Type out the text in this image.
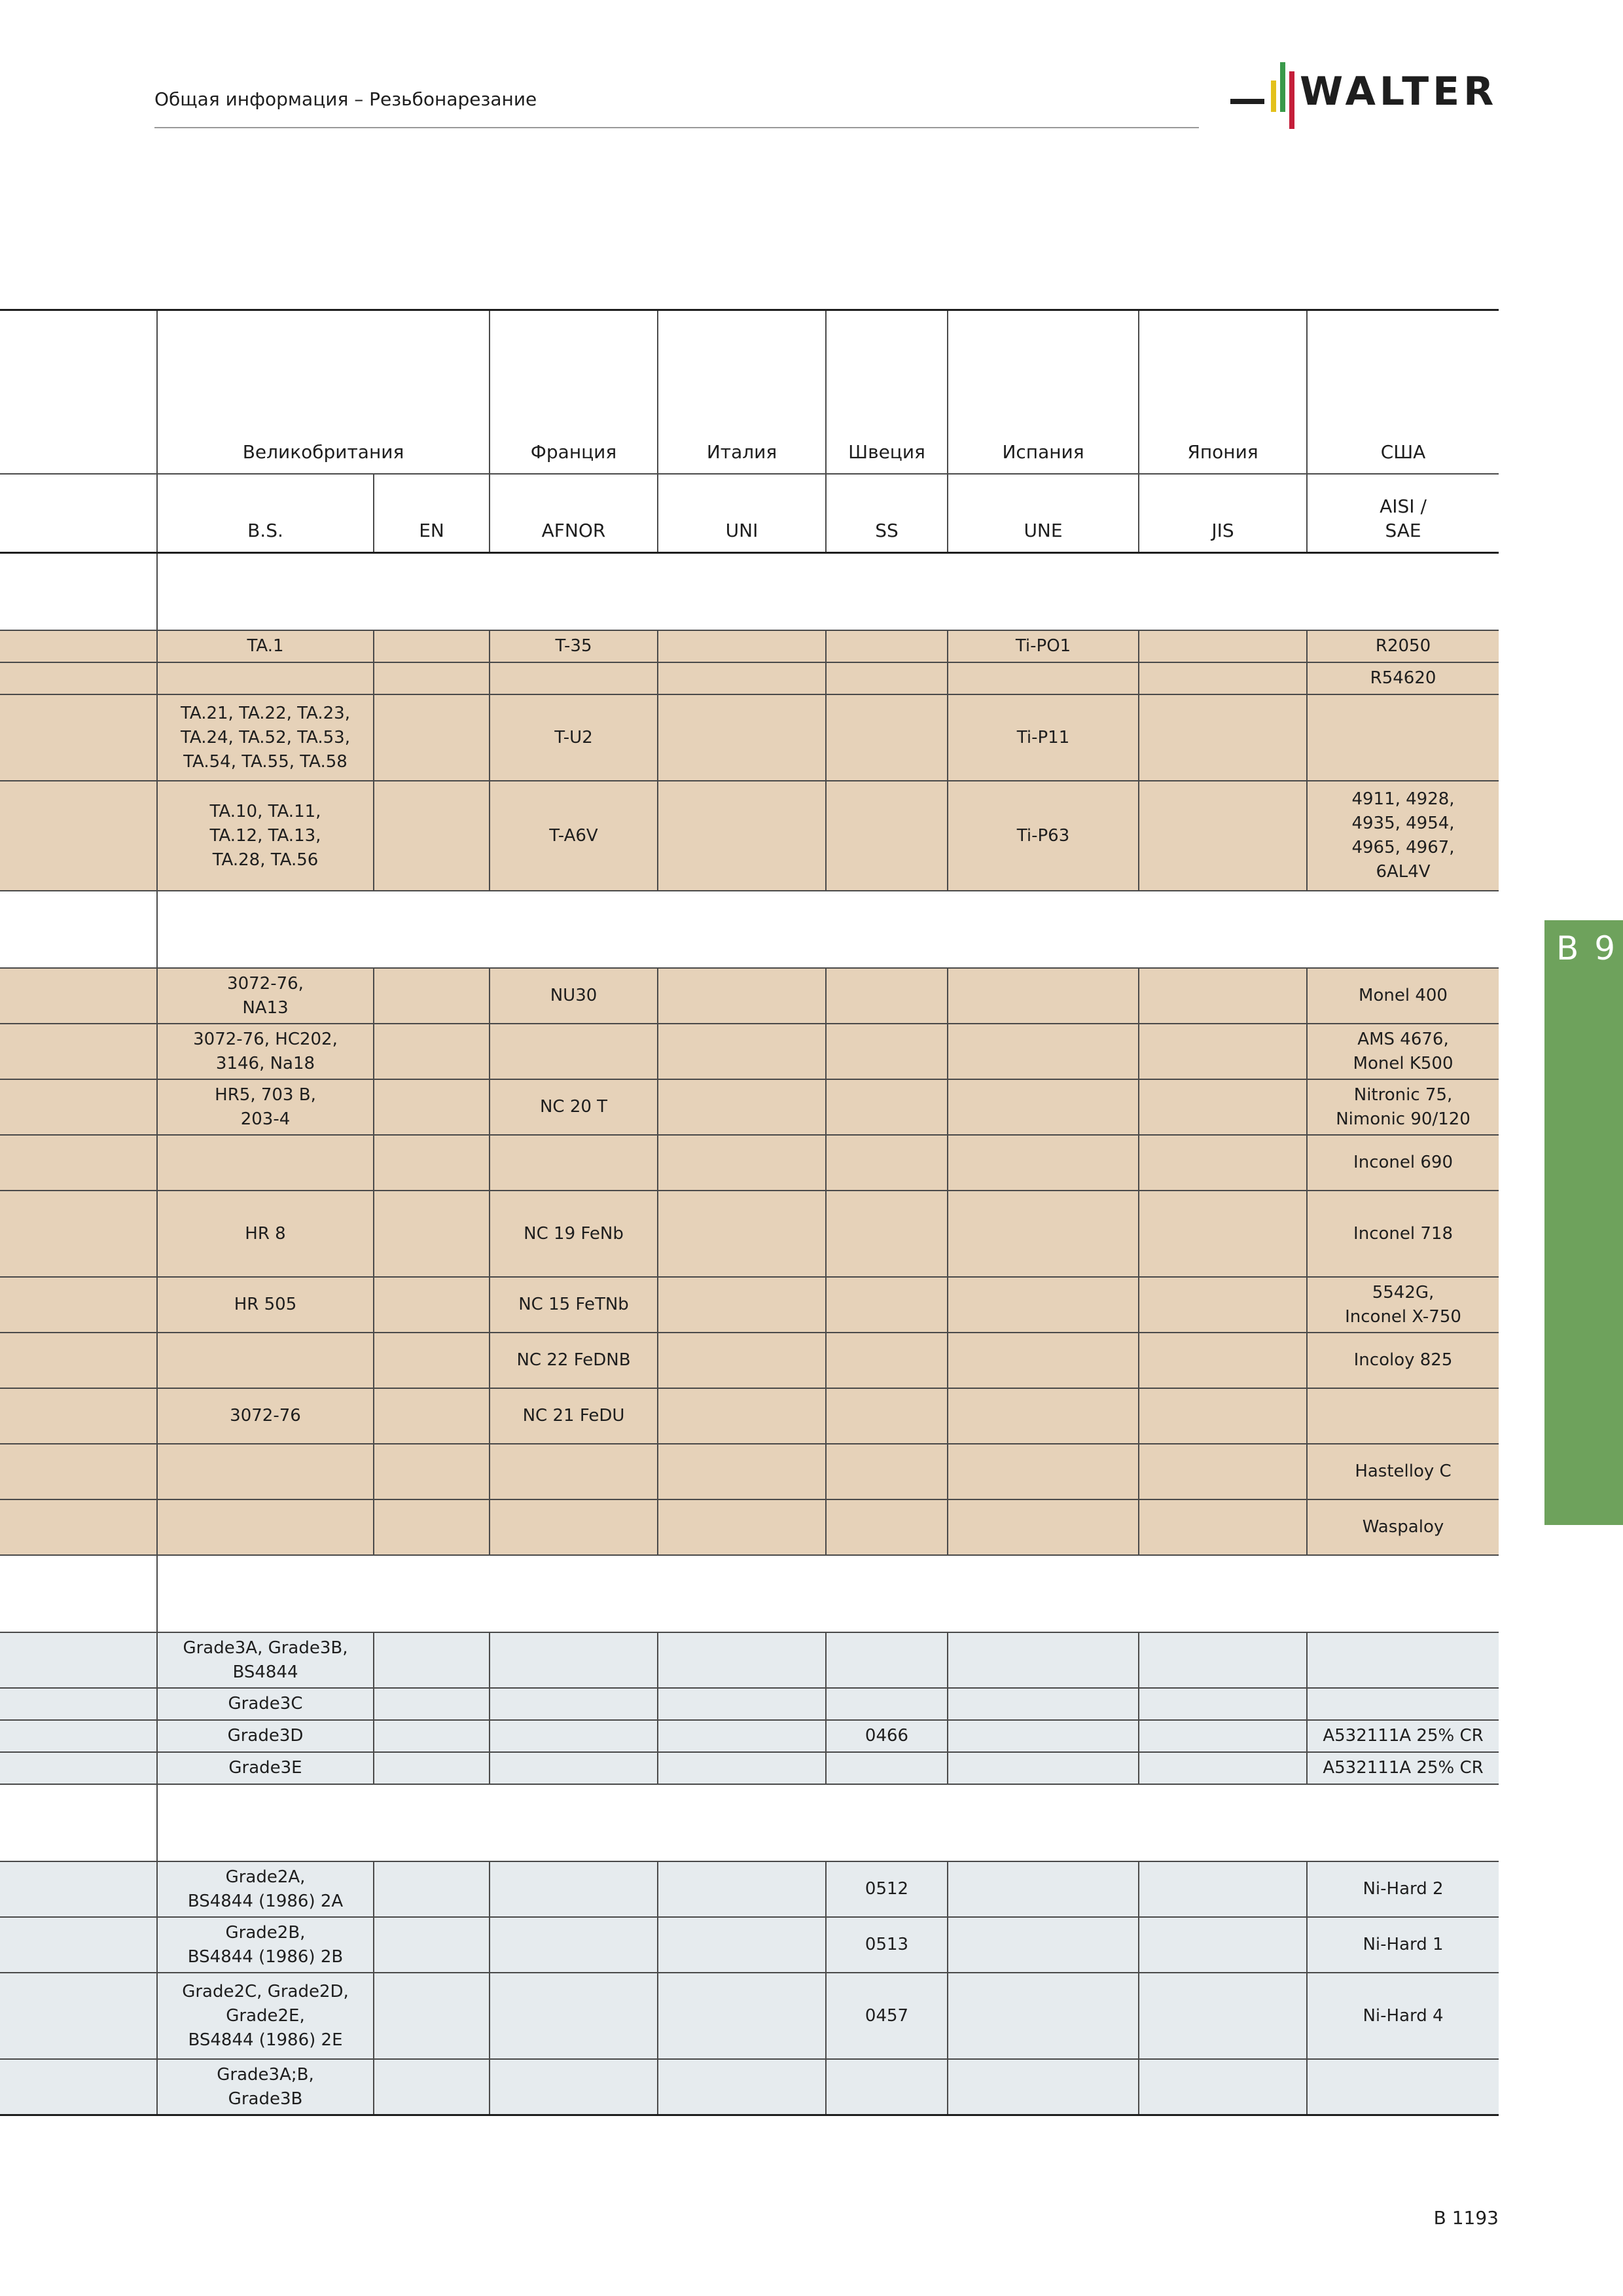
Общая информация – Резьбонарезание	WALTER
	Великобритания		Франция	Италия	Швеция	Испания	Япония	США
	B.S.	EN	AFNOR	UNI	SS	UNE	JIS	AISI /
SAE

	TA.1		T-35			Ti-PO1		R2050
								R54620
	TA.21, TA.22, TA.23,
TA.24, TA.52, TA.53,
TA.54, TA.55, TA.58		T-U2			Ti-P11		
	TA.10, TA.11,
TA.12, TA.13,
TA.28, TA.56		T-A6V			Ti-P63		4911, 4928,
4935, 4954,
4965, 4967,
6AL4V

	3072-76,
NA13		NU30					Monel 400
	3072-76, HC202,
3146, Na18							AMS 4676,
Monel K500
	HR5, 703 B,
203-4		NC 20 T					Nitronic 75,
Nimonic 90/120
								Inconel 690
	HR 8		NC 19 FeNb					Inconel 718
	HR 505		NC 15 FeTNb					5542G,
Inconel X-750
			NC 22 FeDNB					Incoloy 825
	3072-76		NC 21 FeDU					
								Hastelloy C
								Waspaloy

	Grade3A, Grade3B,
BS4844							
	Grade3C							
	Grade3D				0466			A532111A 25% CR
	Grade3E							A532111A 25% CR

	Grade2A,
BS4844 (1986) 2A				0512			Ni-Hard 2
	Grade2B,
BS4844 (1986) 2B				0513			Ni-Hard 1
	Grade2C, Grade2D,
Grade2E,
BS4844 (1986) 2E				0457			Ni-Hard 4
	Grade3A;B,
Grade3B							
B 9
B 1193
